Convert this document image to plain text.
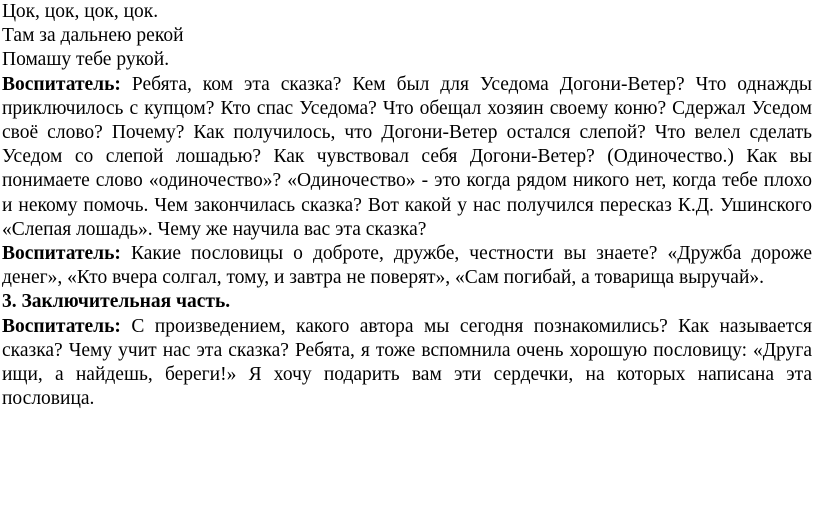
Цок, цок, цок, цок.
Там за дальнею рекой
Помашу тебе рукой.

Воспитатель: Ребята, ком эта сказка? Кем был для Уседома Догони-Ветер? Что однажды приключилось с купцом? Кто спас Уседома? Что обещал хозяин своему коню? Сдержал Уседом своё слово? Почему? Как получилось, что Догони-Ветер остался слепой? Что велел сделать Уседом со слепой лошадью? Как чувствовал себя Догони-Ветер? (Одиночество.) Как вы понимаете слово «одиночество»? «Одиночество» - это когда рядом никого нет, когда тебе плохо и некому помочь. Чем закончилась сказка? Вот какой у нас получился пересказ К.Д. Ушинского «Слепая лошадь». Чему же научила вас эта сказка?

Воспитатель: Какие пословицы о доброте, дружбе, честности вы знаете? «Дружба дороже денег», «Кто вчера солгал, тому, и завтра не поверят», «Сам погибай, а товарища выручай».

3. Заключительная часть.

Воспитатель: С произведением, какого автора мы сегодня познакомились? Как называется сказка? Чему учит нас эта сказка? Ребята, я тоже вспомнила очень хорошую пословицу: «Друга ищи, а найдешь, береги!» Я хочу подарить вам эти сердечки, на которых написана эта пословица.
